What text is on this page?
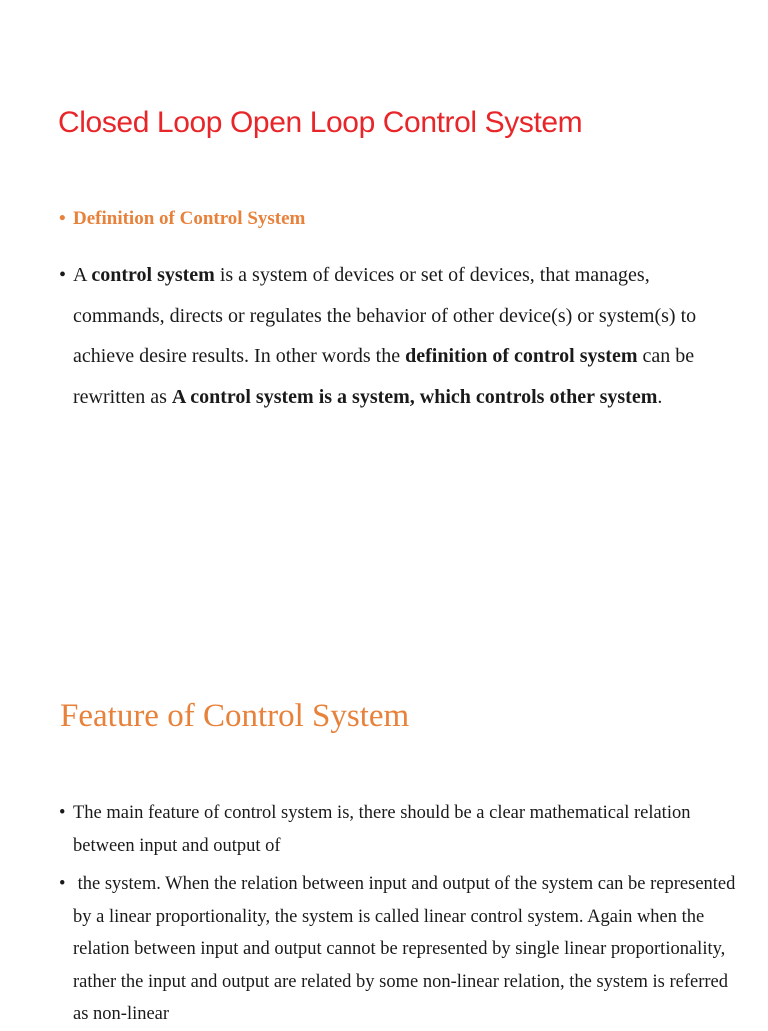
Closed Loop Open Loop Control System

• Definition of Control System

• A control system is a system of devices or set of devices, that manages, commands, directs or regulates the behavior of other device(s) or system(s) to achieve desire results. In other words the definition of control system can be rewritten as A control system is a system, which controls other system.

Feature of Control System

• The main feature of control system is, there should be a clear mathematical relation between input and output of

• the system. When the relation between input and output of the system can be represented by a linear proportionality, the system is called linear control system. Again when the relation between input and output cannot be represented by single linear proportionality, rather the input and output are related by some non-linear relation, the system is referred as non-linear
